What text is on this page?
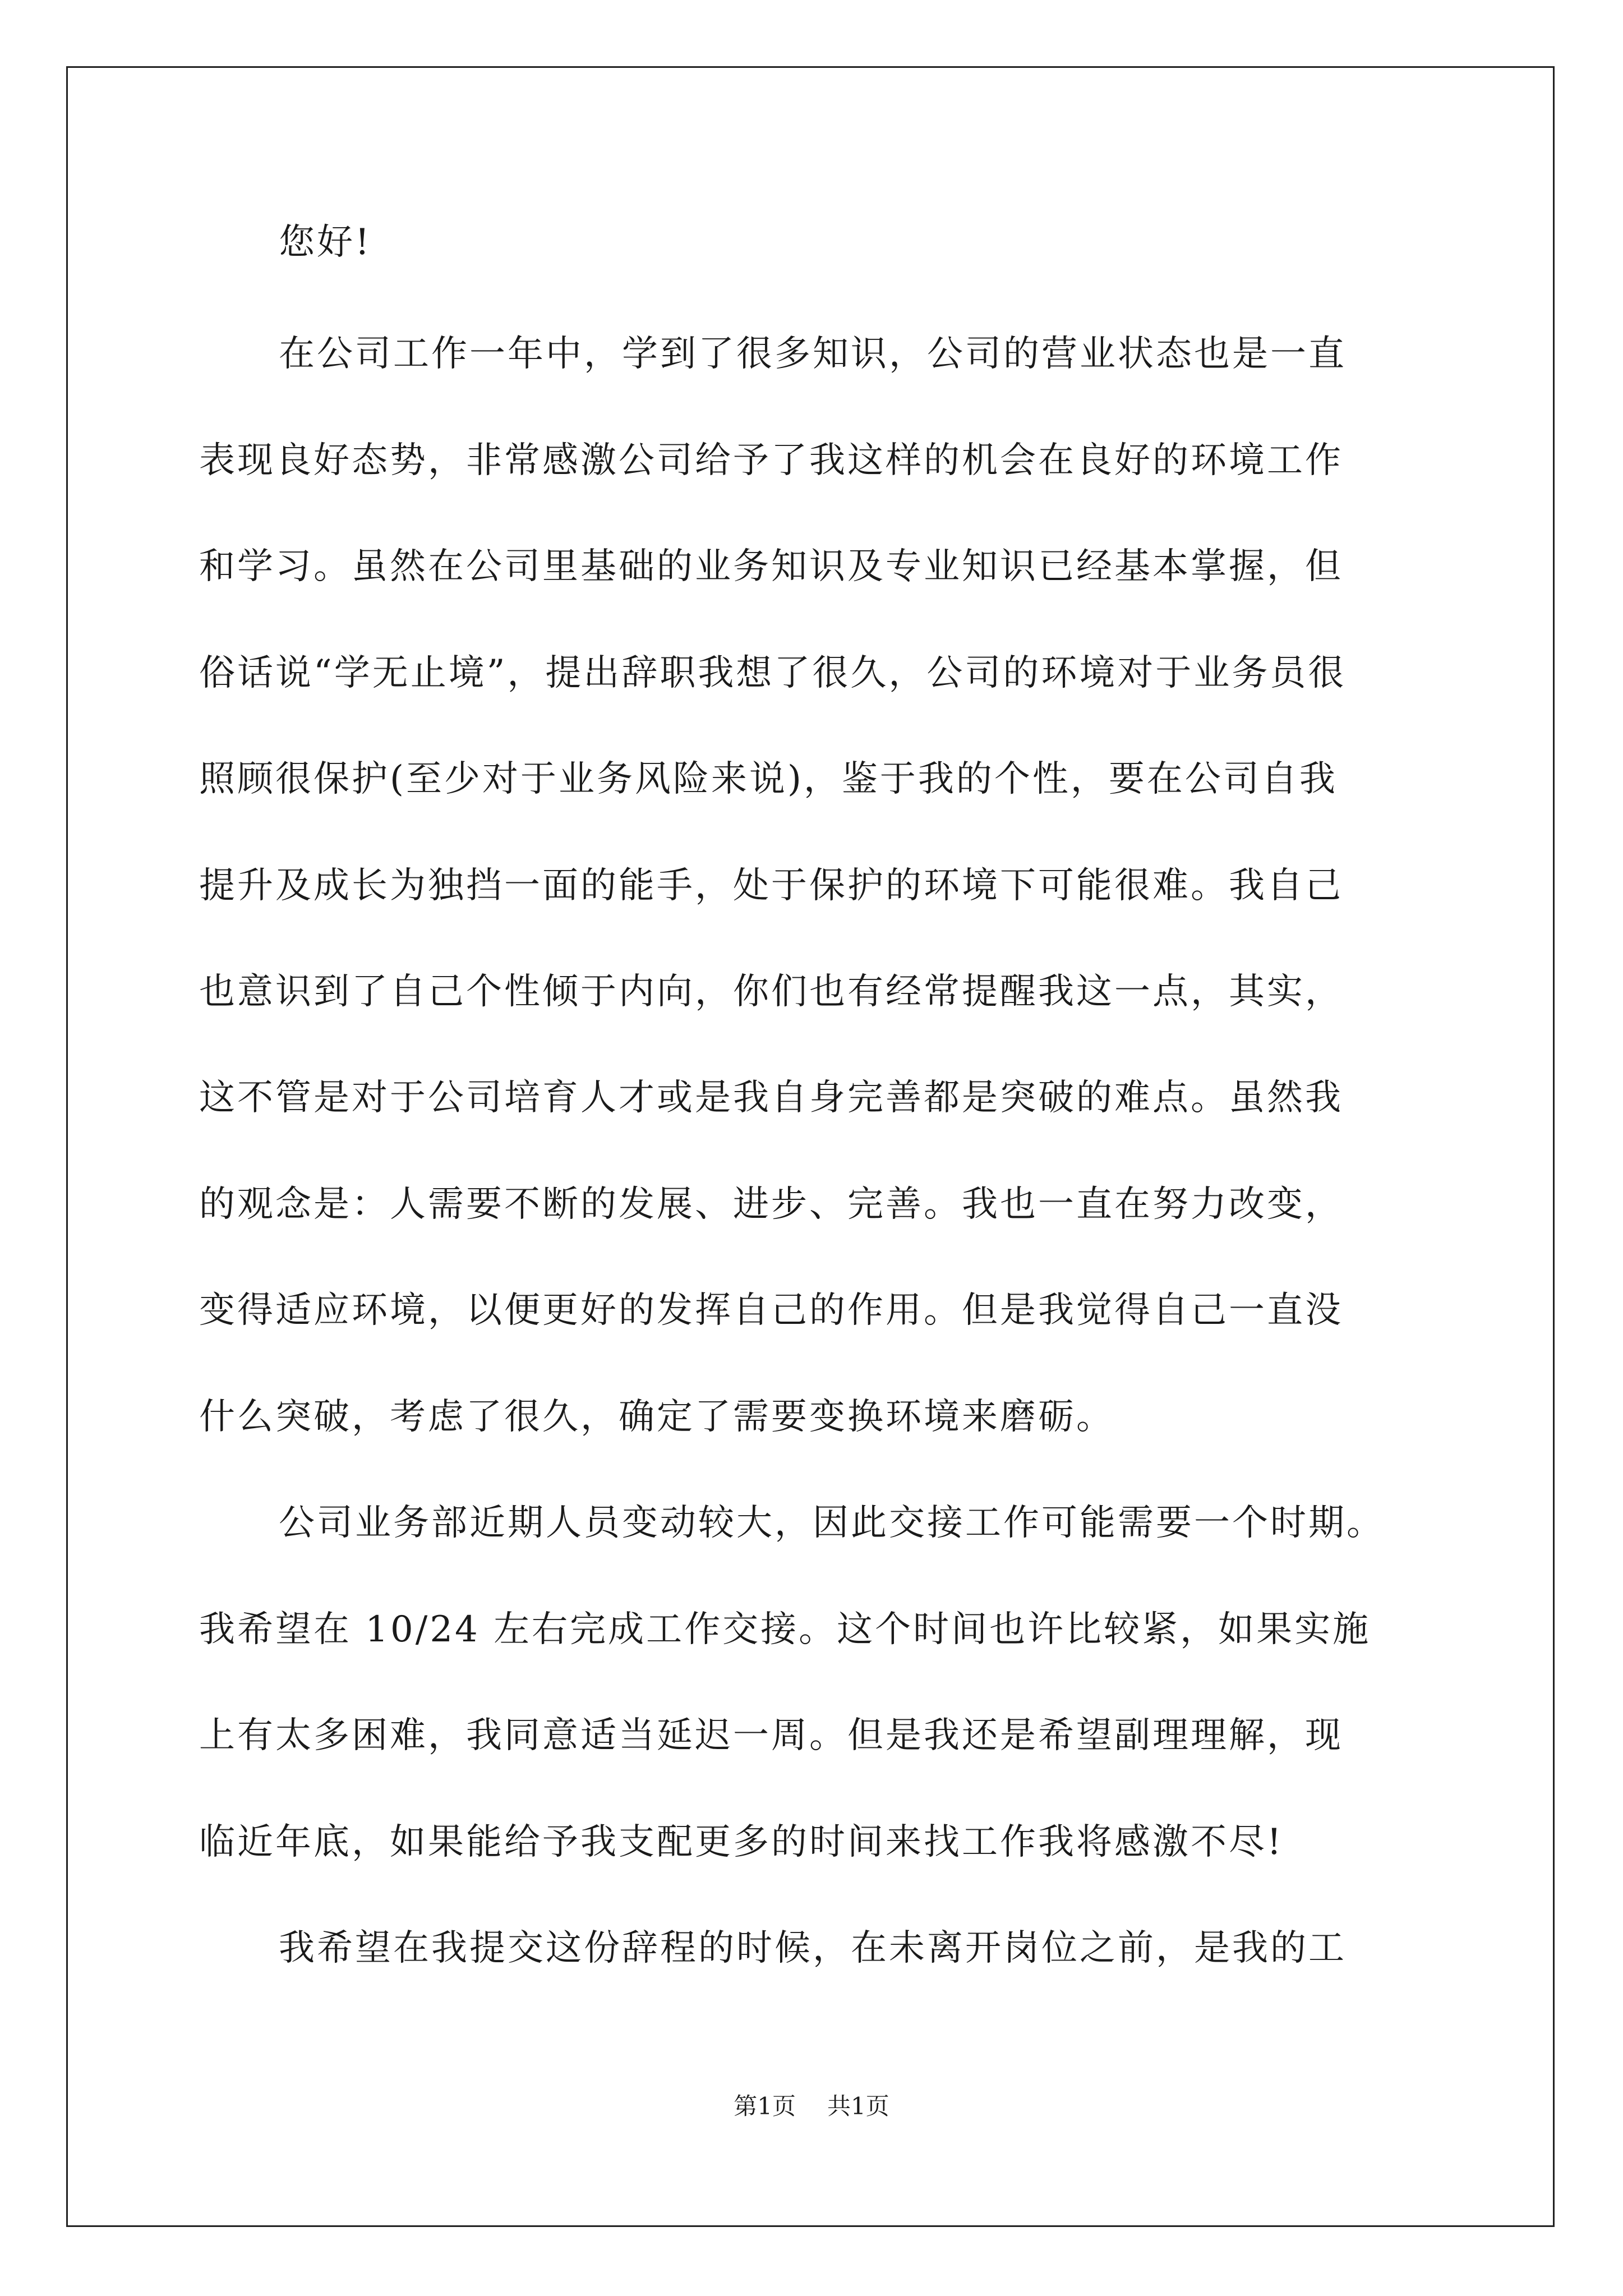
您好!
在公司工作一年中，学到了很多知识，公司的营业状态也是一直
表现良好态势，非常感激公司给予了我这样的机会在良好的环境工作
和学习。虽然在公司里基础的业务知识及专业知识已经基本掌握，但
俗话说“学无止境”，提出辞职我想了很久，公司的环境对于业务员很
照顾很保护(至少对于业务风险来说)，鉴于我的个性，要在公司自我
提升及成长为独挡一面的能手，处于保护的环境下可能很难。我自己
也意识到了自己个性倾于内向，你们也有经常提醒我这一点，其实，
这不管是对于公司培育人才或是我自身完善都是突破的难点。虽然我
的观念是：人需要不断的发展、进步、完善。我也一直在努力改变，
变得适应环境，以便更好的发挥自己的作用。但是我觉得自己一直没
什么突破，考虑了很久，确定了需要变换环境来磨砺。
公司业务部近期人员变动较大，因此交接工作可能需要一个时期。
我希望在 10/24 左右完成工作交接。这个时间也许比较紧，如果实施
上有太多困难，我同意适当延迟一周。但是我还是希望副理理解，现
临近年底，如果能给予我支配更多的时间来找工作我将感激不尽!
我希望在我提交这份辞程的时候，在未离开岗位之前，是我的工
第1页 共1页
